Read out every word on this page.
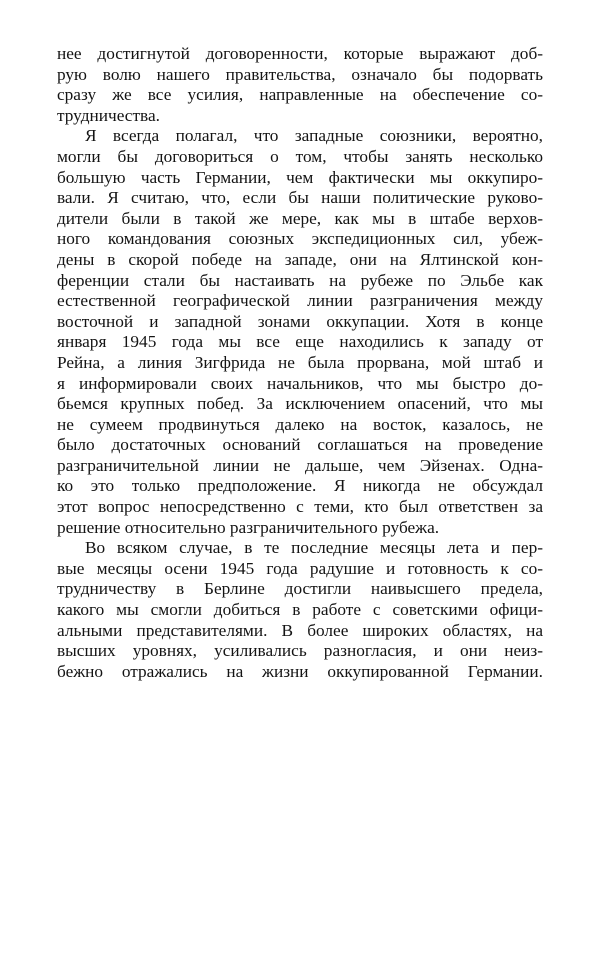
нее достигнутой договоренности, которые выражают доб-
рую волю нашего правительства, означало бы подорвать
сразу же все усилия, направленные на обеспечение со-
трудничества.
Я всегда полагал, что западные союзники, вероятно,
могли бы договориться о том, чтобы занять несколько
большую часть Германии, чем фактически мы оккупиро-
вали. Я считаю, что, если бы наши политические руково-
дители были в такой же мере, как мы в штабе верхов-
ного командования союзных экспедиционных сил, убеж-
дены в скорой победе на западе, они на Ялтинской кон-
ференции стали бы настаивать на рубеже по Эльбе как
естественной географической линии разграничения между
восточной и западной зонами оккупации. Хотя в конце
января 1945 года мы все еще находились к западу от
Рейна, а линия Зигфрида не была прорвана, мой штаб и
я информировали своих начальников, что мы быстро до-
бьемся крупных побед. За исключением опасений, что мы
не сумеем продвинуться далеко на восток, казалось, не
было достаточных оснований соглашаться на проведение
разграничительной линии не дальше, чем Эйзенах. Одна-
ко это только предположение. Я никогда не обсуждал
этот вопрос непосредственно с теми, кто был ответствен за
решение относительно разграничительного рубежа.
Во всяком случае, в те последние месяцы лета и пер-
вые месяцы осени 1945 года радушие и готовность к со-
трудничеству в Берлине достигли наивысшего предела,
какого мы смогли добиться в работе с советскими офици-
альными представителями. В более широких областях, на
высших уровнях, усиливались разногласия, и они неиз-
бежно отражались на жизни оккупированной Германии.
